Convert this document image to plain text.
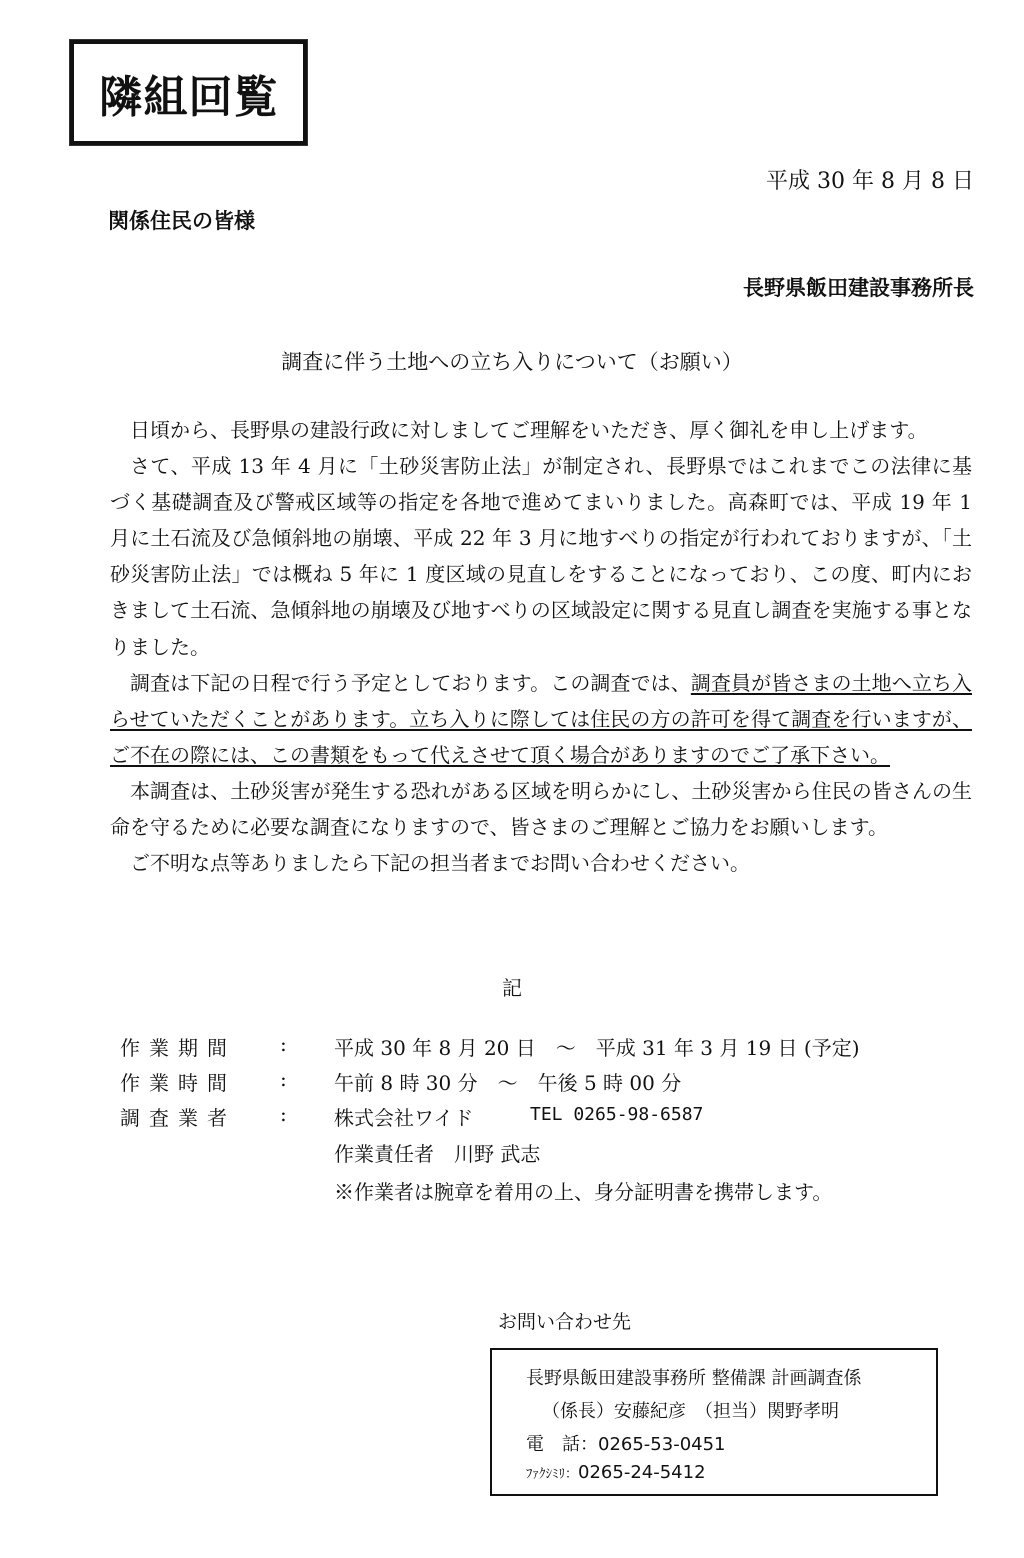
隣組回覧
平成 30 年 8 月 8 日
関係住民の皆様
長野県飯田建設事務所長
調査に伴う土地への立ち入りについて（お願い）

日頃から、長野県の建設行政に対しましてご理解をいただき、厚く御礼を申し上げます。

さて、平成 13 年 4 月に「土砂災害防止法」が制定され、長野県ではこれまでこの法律に基づく基礎調査及び警戒区域等の指定を各地で進めてまいりました。高森町では、平成 19 年 1 月に土石流及び急傾斜地の崩壊、平成 22 年 3 月に地すべりの指定が行われておりますが、「土砂災害防止法」では概ね 5 年に 1 度区域の見直しをすることになっており、この度、町内におきまして土石流、急傾斜地の崩壊及び地すべりの区域設定に関する見直し調査を実施する事となりました。

調査は下記の日程で行う予定としております。この調査では、調査員が皆さまの土地へ立ち入らせていただくことがあります。立ち入りに際しては住民の方の許可を得て調査を行いますが、ご不在の際には、この書類をもって代えさせて頂く場合がありますのでご了承下さい。

本調査は、土砂災害が発生する恐れがある区域を明らかにし、土砂災害から住民の皆さんの生命を守るために必要な調査になりますので、皆さまのご理解とご協力をお願いします。

ご不明な点等ありましたら下記の担当者までお問い合わせください。

記
作業期間 : 平成 30 年 8 月 20 日　～　平成 31 年 3 月 19 日 (予定)
作業時間 : 午前 8 時 30 分　～　午後 5 時 00 分
調査業者 : 株式会社ワイド	TEL 0265-98-6587
作業責任者　川野 武志
※作業者は腕章を着用の上、身分証明書を携帯します。
お問い合わせ先
長野県飯田建設事務所 整備課 計画調査係
（係長）安藤紀彦　（担当）関野孝明
電　話：0265-53-0451
ﾌｧｸｼﾐﾘ：0265-24-5412
